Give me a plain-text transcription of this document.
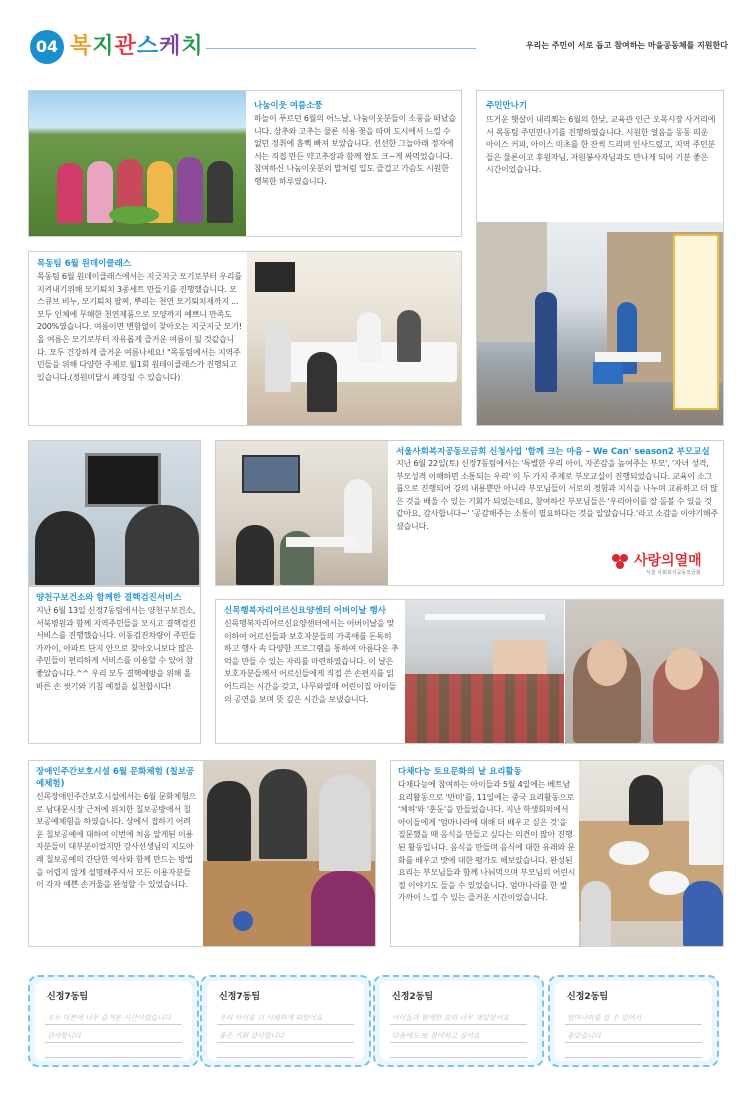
04 복지관스케치	우리는 주민이 서로 돕고 참여하는 마을공동체를 지원한다
나눔이웃 여름소풍
하늘이 푸르던 6월의 어느날, 나눔이웃분들이 소풍을 떠났습니다. 상추와 고추는 물론 식용 꽃을 따며 도시에서 느낄 수 없던 정취에 흠뻑 빠져 보았습니다. 선선한 그늘아래 정자에서는 직접 만든 약고추장과 함께 쌈도 크~게 싸먹었습니다. 참여하신 나눔이웃분의 말처럼 입도 즐겁고 가슴도 시원한 행복한 하루였습니다.
주민만나기
뜨거운 햇살이 내리쬐는 6월의 한낮, 교육관 인근 오목시장 사거리에서 목동팀 주민만나기를 진행하였습니다. 시원한 얼음을 동동 띄운 아이스 커피, 아이스 미초를 한 잔씩 드리며 인사드렸고, 지역 주민분들은 물론이고 후원자님, 자원봉사자님과도 만나게 되어 기분 좋은 시간이었습니다.
목동팀 6월 원데이클래스
목동팀 6월 원데이클래스에서는 지긋지긋 모기로부터 우리를 지켜내기위해 모기퇴치 3종세트 만들기를 진행했습니다. 모스큐브 비누, 모기퇴치 팔찌, 뿌리는 천연 모기퇴치제까지 ... 모두 인체에 무해한 천연제품으로 모양까지 예쁘니 만족도 200%였습니다. 여름이면 변함없이 찾아오는 지긋지긋 모기! 올 여름은 모기로부터 자유롭게 즐거운 여름이 될 것같습니다. 모두 건강하게 즐거운 여름나세요! "목동팀에서는 지역주민들을 위해 다양한 주제로 월1회 원데이클래스가 진행되고 있습니다.(정원미달시 폐강될 수 있습니다)
서울사회복지공동모금회 신청사업 '함께 크는 마음 – We Can' season2 부모교실
지난 6월 22일(토) 신정7동팀에서는 '특별한 우리 아이, 자존감을 높여주는 부모', '자녀 성격, 부모성격 이해하면 소통되는 우리' 이 두 가지 주제로 부모교실이 진행되었습니다. 교육이 소그룹으로 진행되어 강의 내용뿐만 아니라 부모님들이 서로의 경험과 지식을 나누며 교류하고 더 많은 것을 배울 수 있는 기회가 되었는데요, 참여하신 부모님들은 '우리아이를 잘 돌볼 수 있을 것 같아요, 감사합니다~' '공감해주는 소통이 필요하다는 것을 알았습니다.'라고 소감을 이야기해주셨습니다.
사랑의열매
서울 사회복지공동모금회
양천구보건소와 함께한 결핵검진서비스
지난 6월 13일 신정7동팀에서는 양천구보건소, 서북병원과 함께 지역주민들을 모시고 결핵검진 서비스를 진행했습니다. 이동검진차량이 주민들 가까이, 아파트 단지 안으로 찾아오니보다 많은 주민들이 편리하게 서비스를 이용할 수 있어 참 좋았습니다.^^ 우리 모두 결핵예방을 위해 올바른 손 씻기와 기침 예절을 실천합시다!
신목행복자리어르신요양센터 어버이날 행사
신목행복자리어르신요양센터에서는 어버이날을 맞이하여 어르신들과 보호자분들의 가족애를 돈독히 하고 행사 속 다양한 프로그램을 통하여 아름다운 추억을 만들 수 있는 자리를 마련하였습니다. 이 날은 보호자분들께서 어르신들에게 직접 쓴 손편지를 읽어드리는 시간을 갖고, 나무와열매 어린이집 아이들의 공연을 보며 뜻 깊은 시간을 보냈습니다.
장애인주간보호시설 6월 문화체험 (칠보공예체험)
신목장애인주간보호시설에서는 6월 문화체험으로 남대문시장 근처에 위치한 칠보공방에서 칠보공예체험을 하였습니다. 상에서 접하기 어려운 칠보공예에 대하여 이번에 처음 알게된 이용자분들이 대부분이었지만 강사선생님의 지도아래 칠보공예의 간단한 역사와 함께 만드는 방법을 어렵지 않게 설명해주셔서 모든 이용자분들이 각자 예쁜 손거울을 완성할 수 있었습니다.
다채다능 토요문화의 날 요리활동
다채다능에 참여하는 아이들과 5월 4일에는 베트남 요리활동으로 '반미'를, 11일에는 중국 요리활동으로 '체허'와 '훈둔'을 만들었습니다. 지난 학생회의에서 아이들에게 '엄마나라에 대해 더 배우고 싶은 것'을 질문했을 때 음식을 만들고 싶다는 의견이 많아 진행된 활동입니다. 음식을 만들며 음식에 대한 유래와 문화를 배우고 맛에 대한 평가도 해보았습니다. 완성된 요리는 부모님들과 함께 나눠먹으며 부모님의 어린시절 이야기도 들을 수 있었습니다. 엄마나라를 한 발 가까이 느낄 수 있는 즐거운 시간이었습니다.
신정7동팀
모두 덕분에 너무 즐거운 시간이었습니다
감사합니다
신정7동팀
우리 아이를 더 이해하게 되었어요
좋은 기회 감사합니다
신정2동팀
아이들과 함께한 요리 너무 재밌었어요
다음에도 또 참여하고 싶어요
신정2동팀
엄마나라를 알 수 있어서
좋았습니다
